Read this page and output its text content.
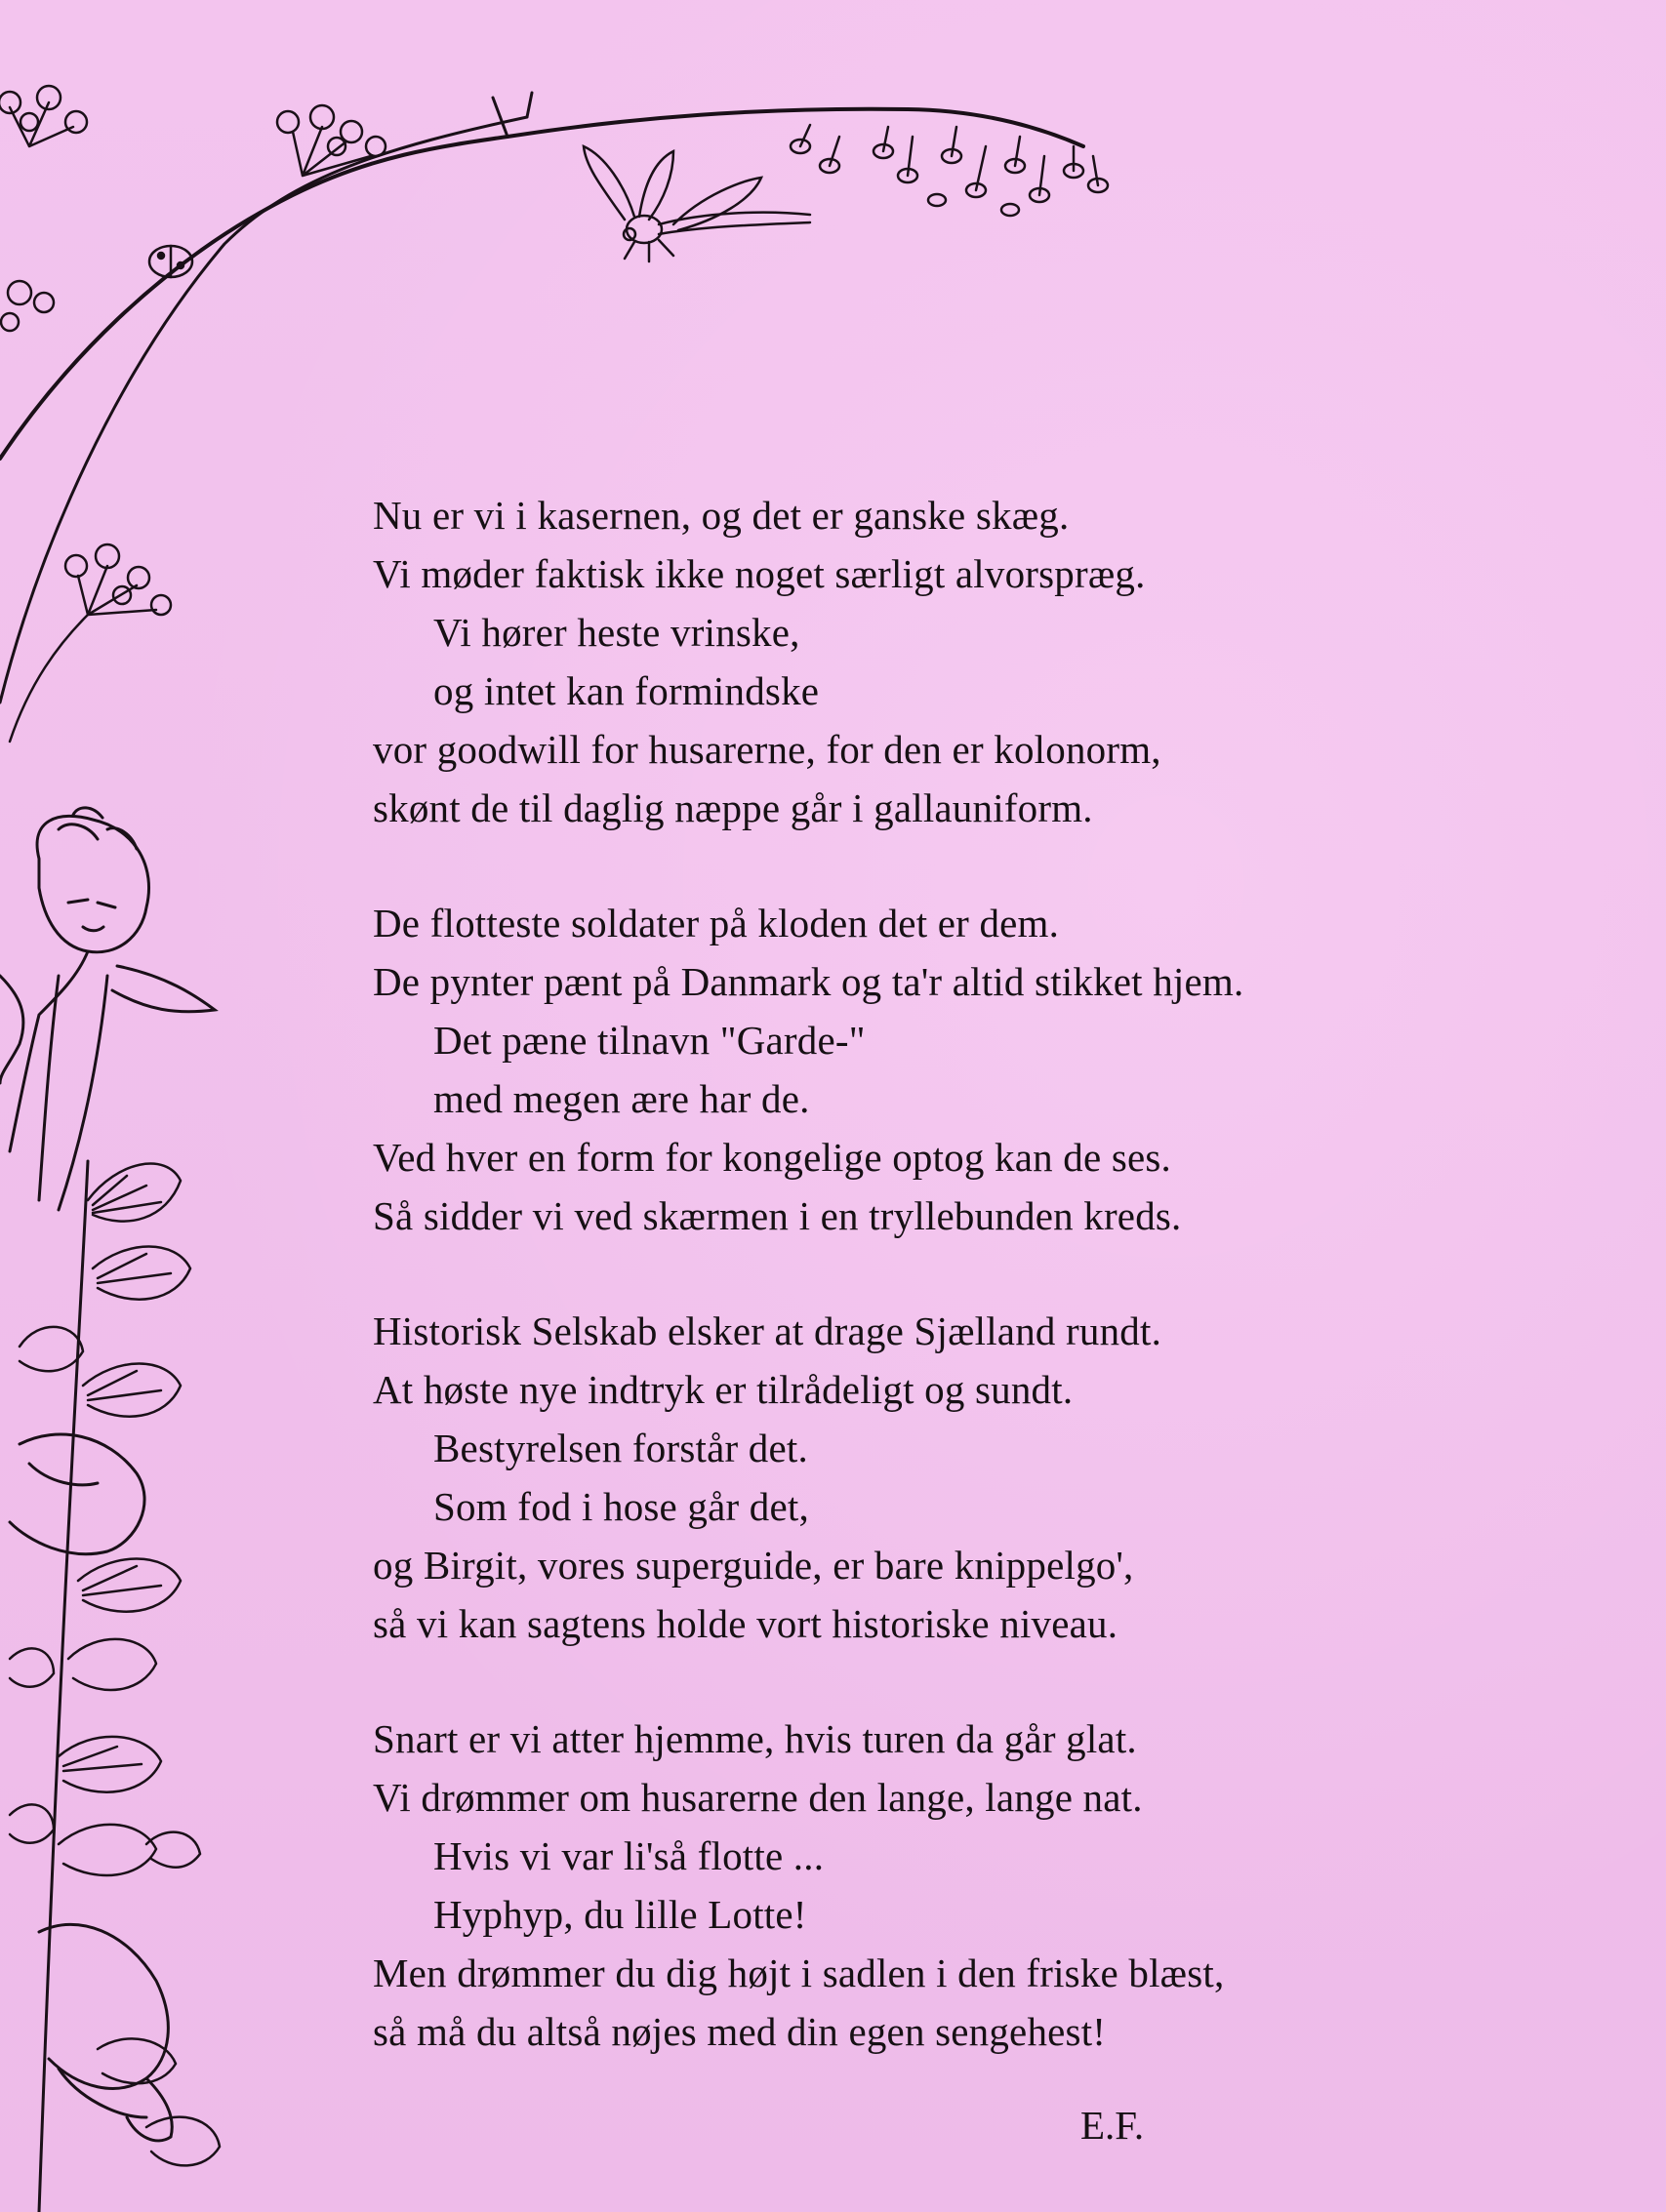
Nu er vi i kasernen, og det er ganske skæg.
Vi møder faktisk ikke noget særligt alvorspræg.
Vi hører heste vrinske,
og intet kan formindske
vor goodwill for husarerne, for den er kolonorm,
skønt de til daglig næppe går i gallauniform.
De flotteste soldater på kloden det er dem.
De pynter pænt på Danmark og ta'r altid stikket hjem.
Det pæne tilnavn "Garde-"
med megen ære har de.
Ved hver en form for kongelige optog kan de ses.
Så sidder vi ved skærmen i en tryllebunden kreds.
Historisk Selskab elsker at drage Sjælland rundt.
At høste nye indtryk er tilrådeligt og sundt.
Bestyrelsen forstår det.
Som fod i hose går det,
og Birgit, vores superguide, er bare knippelgo',
så vi kan sagtens holde vort historiske niveau.
Snart er vi atter hjemme, hvis turen da går glat.
Vi drømmer om husarerne den lange, lange nat.
Hvis vi var li'så flotte ...
Hyphyp, du lille Lotte!
Men drømmer du dig højt i sadlen i den friske blæst,
så må du altså nøjes med din egen sengehest!
E.F.
